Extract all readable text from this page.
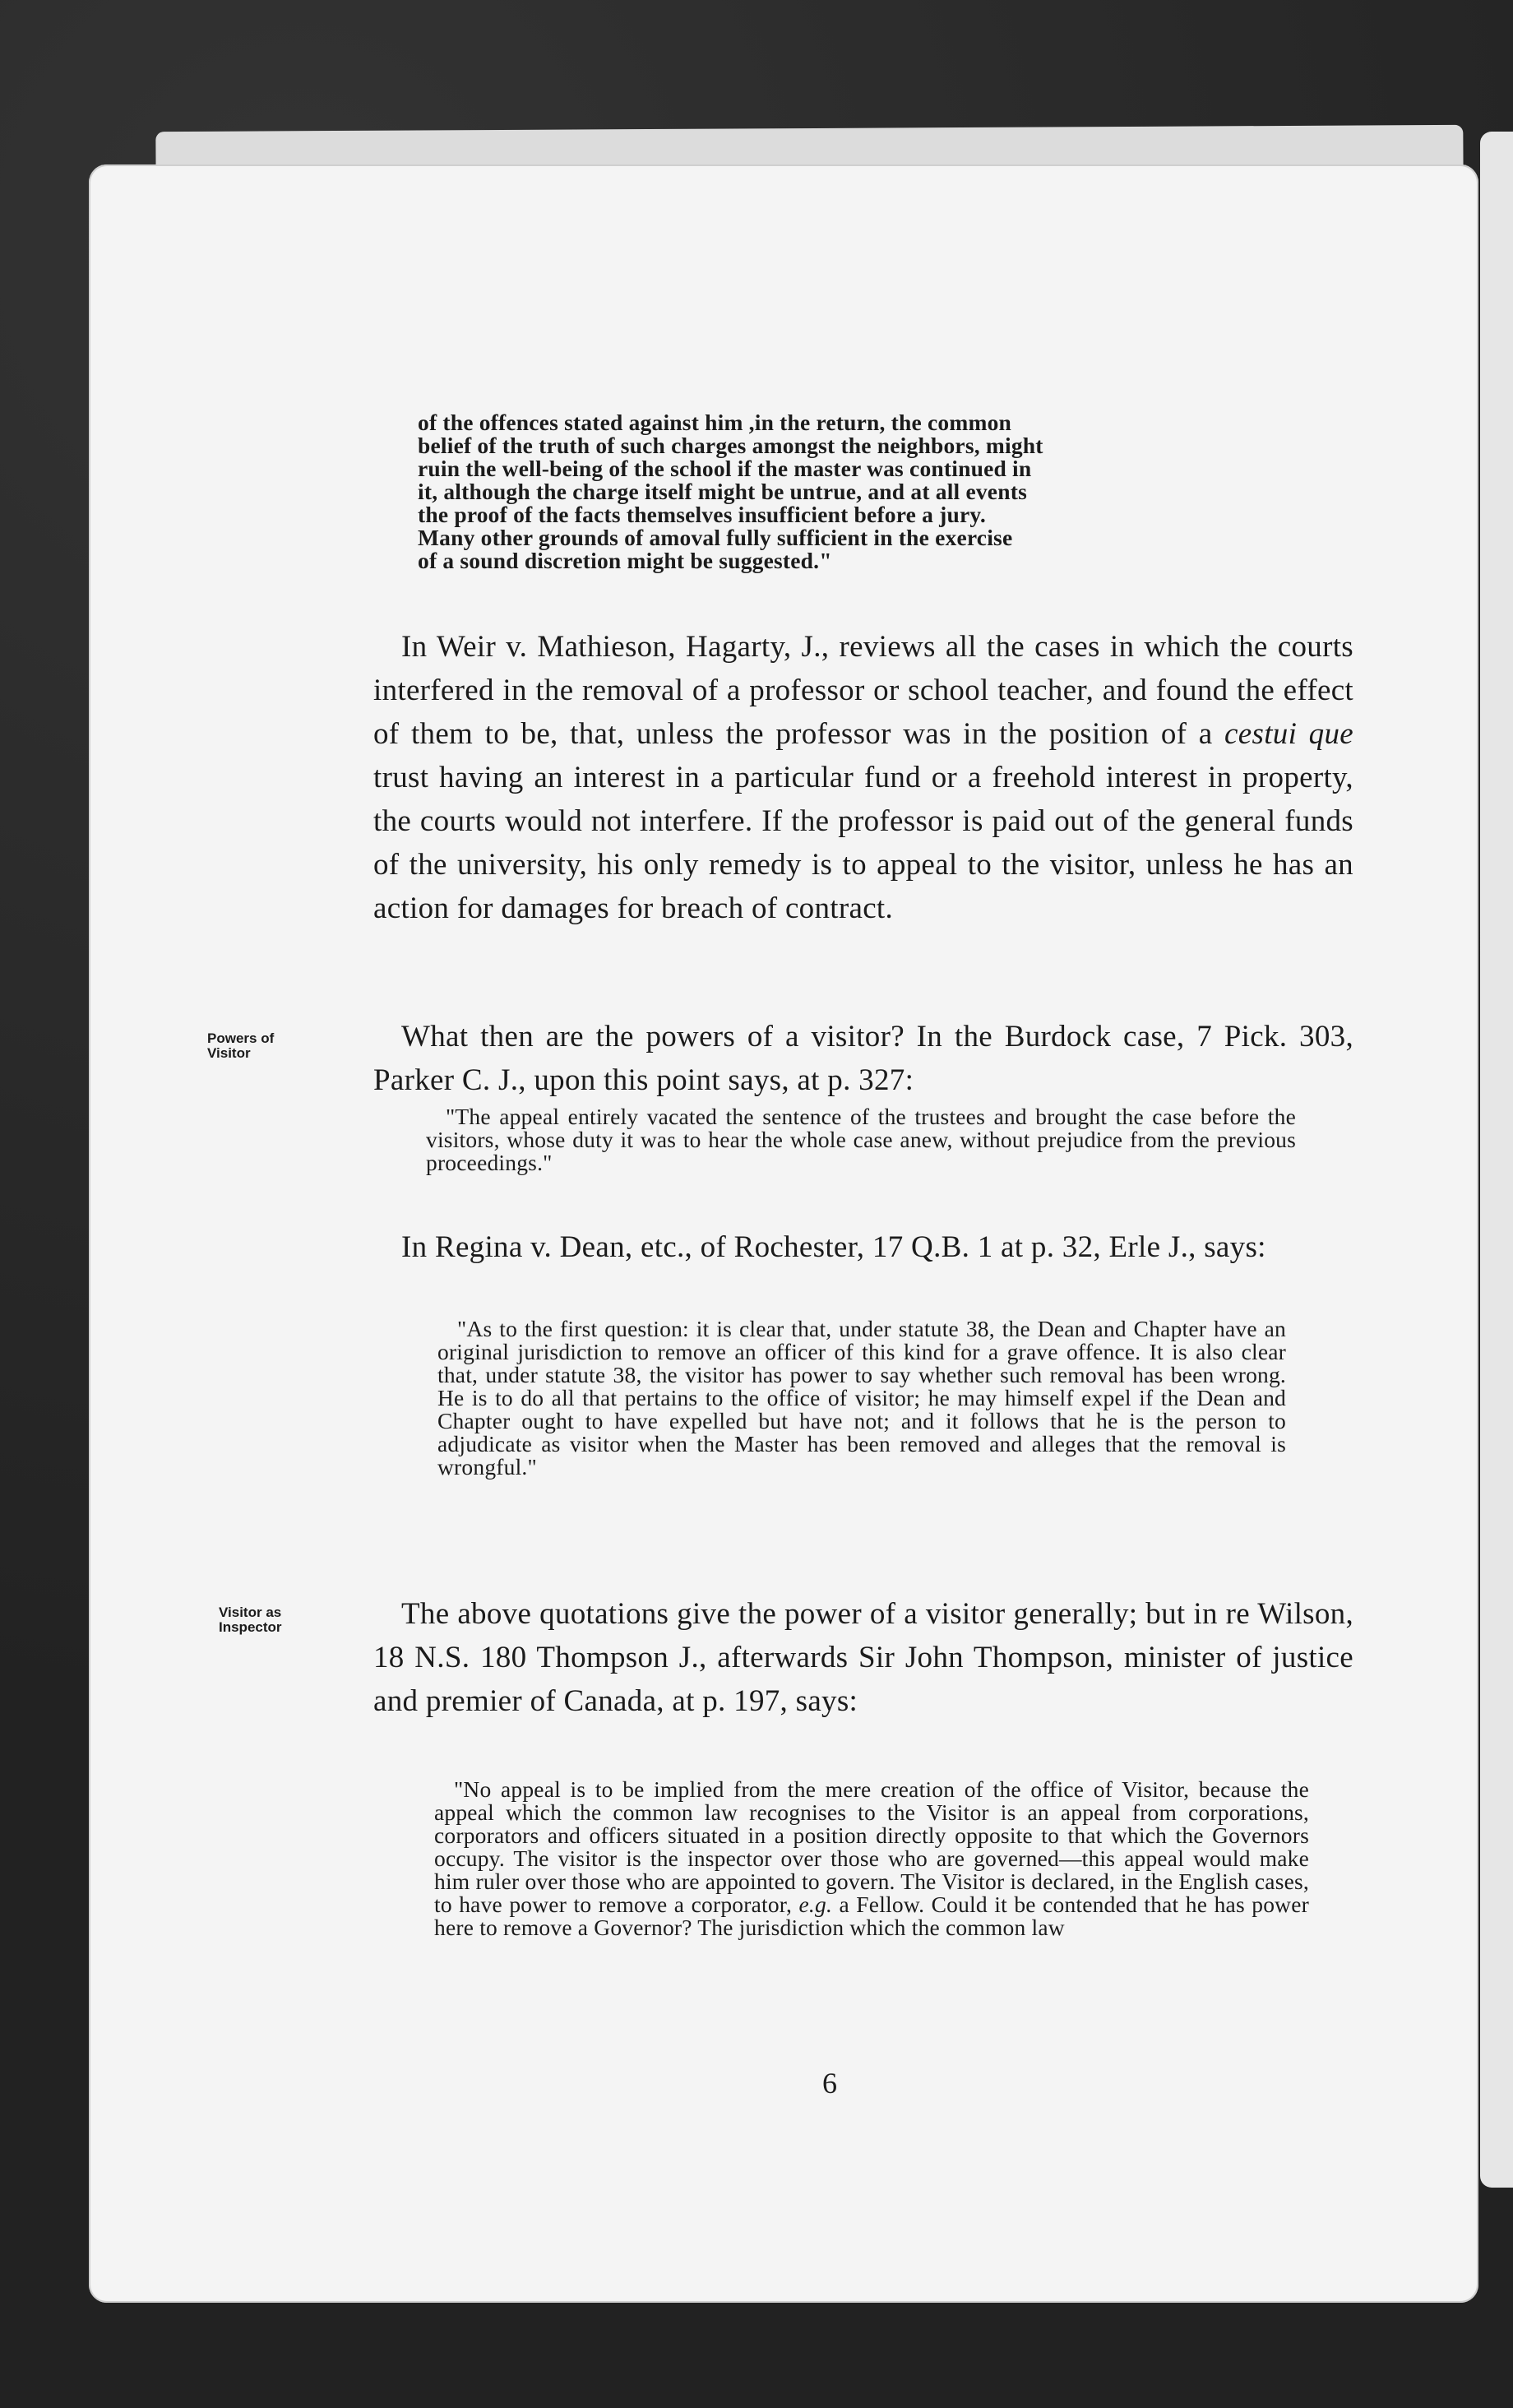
of the offences stated against him ,in the return, the common
belief of the truth of such charges amongst the neighbors, might
ruin the well-being of the school if the master was continued in
it, although the charge itself might be untrue, and at all events
the proof of the facts themselves insufficient before a jury.
Many other grounds of amoval fully sufficient in the exercise
of a sound discretion might be suggested."
In Weir v. Mathieson, Hagarty, J., reviews all the cases in which the courts interfered in the removal of a professor or school teacher, and found the effect of them to be, that, unless the professor was in the position of a cestui que trust having an interest in a particular fund or a freehold interest in property, the courts would not interfere. If the professor is paid out of the general funds of the university, his only remedy is to appeal to the visitor, unless he has an action for damages for breach of contract.
Powers of
Visitor	What then are the powers of a visitor? In the Burdock case, 7 Pick. 303, Parker C. J., upon this point says, at p. 327:
"The appeal entirely vacated the sentence of the trustees and brought the case before the visitors, whose duty it was to hear the whole case anew, without prejudice from the previous proceedings."
In Regina v. Dean, etc., of Rochester, 17 Q.B. 1 at p. 32, Erle J., says:
"As to the first question: it is clear that, under statute 38, the Dean and Chapter have an original jurisdiction to remove an officer of this kind for a grave offence. It is also clear that, under statute 38, the visitor has power to say whether such removal has been wrong. He is to do all that pertains to the office of visitor; he may himself expel if the Dean and Chapter ought to have expelled but have not; and it follows that he is the person to adjudicate as visitor when the Master has been removed and alleges that the removal is wrongful."
Visitor as
Inspector	The above quotations give the power of a visitor generally; but in re Wilson, 18 N.S. 180 Thompson J., afterwards Sir John Thompson, minister of justice and premier of Canada, at p. 197, says:
"No appeal is to be implied from the mere creation of the office of Visitor, because the appeal which the common law recognises to the Visitor is an appeal from corporations, corporators and officers situated in a position directly opposite to that which the Governors occupy. The visitor is the inspector over those who are governed—this appeal would make him ruler over those who are appointed to govern. The Visitor is declared, in the English cases, to have power to remove a corporator, e.g. a Fellow. Could it be contended that he has power here to remove a Governor? The jurisdiction which the common law
6
